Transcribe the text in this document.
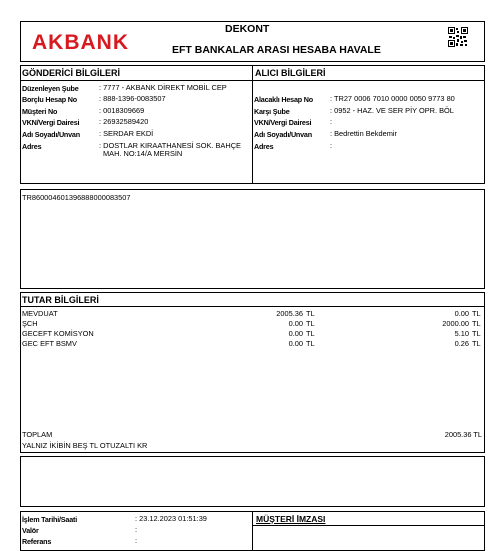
AKBANK
DEKONT
EFT BANKALAR ARASI HESABA HAVALE
GÖNDERİCİ BİLGİLERİ
Düzenleyen Şube	: 7777 - AKBANK DİREKT MOBİL CEP
Borçlu Hesap No	: 888-1396-0083507
Müşteri No	: 0018309669
VKN/Vergi Dairesi	: 26932589420
Adı Soyadı/Unvan	: SERDAR EKDİ
Adres	: DOSTLAR KIRAATHANESİ SOK. BAHÇE
MAH. NO:14/A MERSİN
ALICI BİLGİLERİ
Alacaklı Hesap No : TR27 0006 7010 0000 0050 9773 80
Karşı Şube	: 0952 - HAZ. VE SER PİY OPR. BÖL
VKN/Vergi Dairesi	:
Adı Soyadı/Unvan : Bedrettin Bekdemir
Adres	:
TR860004601396888000083507
TUTAR BİLGİLERİ
MEVDUAT	2005.36 TL	0.00 TL
ŞCH	0.00 TL	2000.00 TL
GECEFT KOMİSYON	0.00 TL	5.10 TL
GEC EFT BSMV	0.00 TL	0.26 TL
TOPLAM	2005.36 TL
YALNIZ İKİBİN BEŞ TL OTUZALTI KR
İşlem Tarihi/Saati	: 23.12.2023 01:51:39
Valör	:
Referans	:
MÜŞTERİ İMZASI
